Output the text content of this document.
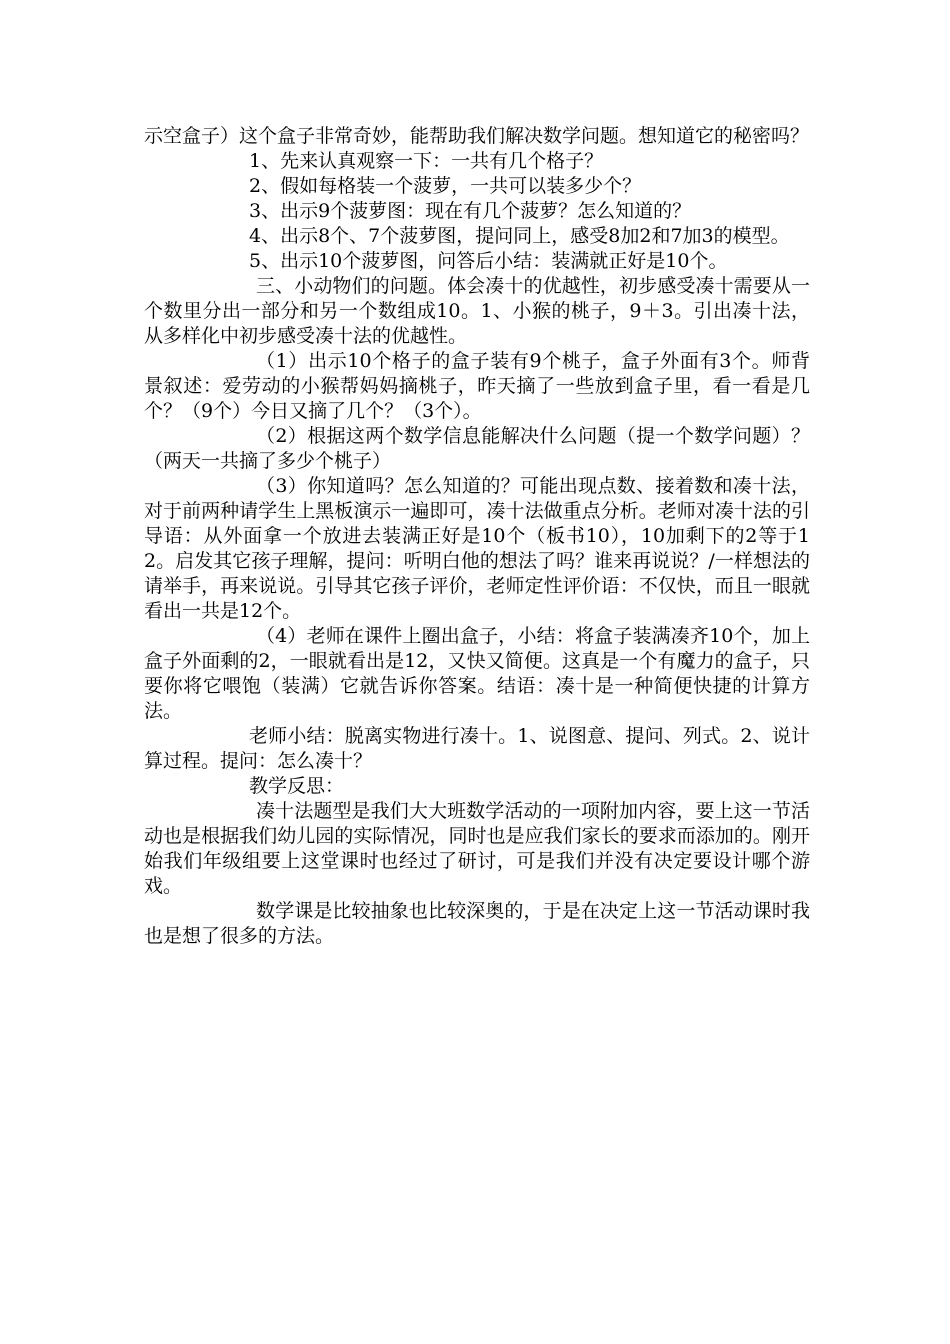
示空盒子）这个盒子非常奇妙，能帮助我们解决数学问题。想知道它的秘密吗？

1、先来认真观察一下：一共有几个格子？

2、假如每格装一个菠萝，一共可以装多少个？

3、出示9个菠萝图：现在有几个菠萝？怎么知道的？

4、出示8个、7个菠萝图，提问同上，感受8加2和7加3的模型。

5、出示10个菠萝图，问答后小结：装满就正好是10个。

三、小动物们的问题。体会凑十的优越性，初步感受凑十需要从一个数里分出一部分和另一个数组成10。1、小猴的桃子，9＋3。引出凑十法，从多样化中初步感受凑十法的优越性。

（1）出示10个格子的盒子装有9个桃子，盒子外面有3个。师背景叙述：爱劳动的小猴帮妈妈摘桃子，昨天摘了一些放到盒子里，看一看是几个？（9个）今日又摘了几个？（3个）。

（2）根据这两个数学信息能解决什么问题（提一个数学问题）？（两天一共摘了多少个桃子）

（3）你知道吗？怎么知道的？可能出现点数、接着数和凑十法，对于前两种请学生上黑板演示一遍即可，凑十法做重点分析。老师对凑十法的引导语：从外面拿一个放进去装满正好是10个（板书10），10加剩下的2等于12。启发其它孩子理解，提问：听明白他的想法了吗？谁来再说说？/一样想法的请举手，再来说说。引导其它孩子评价，老师定性评价语：不仅快，而且一眼就看出一共是12个。

（4）老师在课件上圈出盒子，小结：将盒子装满凑齐10个，加上盒子外面剩的2，一眼就看出是12，又快又简便。这真是一个有魔力的盒子，只要你将它喂饱（装满）它就告诉你答案。结语：凑十是一种简便快捷的计算方法。

老师小结：脱离实物进行凑十。1、说图意、提问、列式。2、说计算过程。提问：怎么凑十？

教学反思：

凑十法题型是我们大大班数学活动的一项附加内容，要上这一节活动也是根据我们幼儿园的实际情况，同时也是应我们家长的要求而添加的。刚开始我们年级组要上这堂课时也经过了研讨，可是我们并没有决定要设计哪个游戏。

数学课是比较抽象也比较深奥的，于是在决定上这一节活动课时我也是想了很多的方法。
